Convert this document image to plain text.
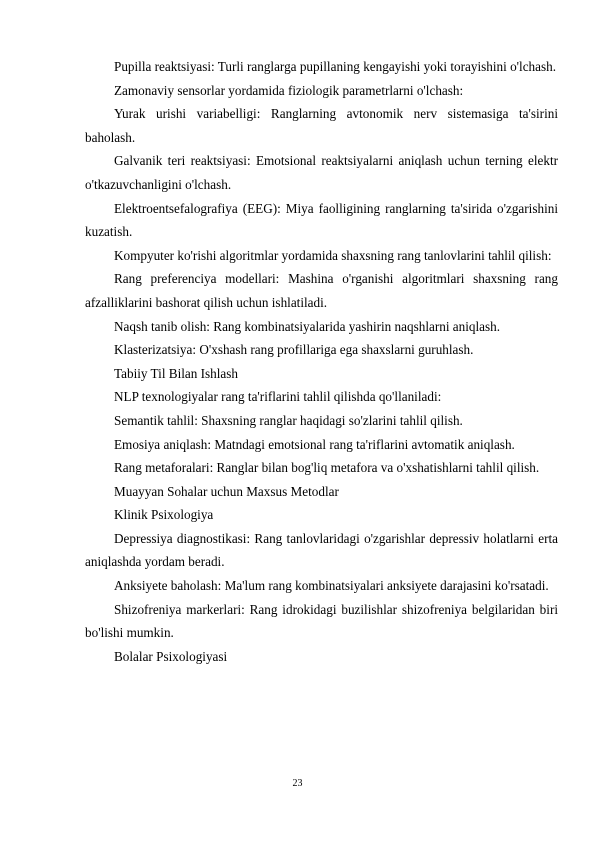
Pupilla reaktsiyasi: Turli ranglarga pupillaning kengayishi yoki torayishini o'lchash.

Zamonaviy sensorlar yordamida fiziologik parametrlarni o'lchash:

Yurak urishi variabelligi: Ranglarning avtonomik nerv sistemasiga ta'sirini baholash.

Galvanik teri reaktsiyasi: Emotsional reaktsiyalarni aniqlash uchun terning elektr o'tkazuvchanligini o'lchash.

Elektroentsefalografiya (EEG): Miya faolligining ranglarning ta'sirida o'zgarishini kuzatish.

Kompyuter ko'rishi algoritmlar yordamida shaxsning rang tanlovlarini tahlil qilish:

Rang preferenciya modellari: Mashina o'rganishi algoritmlari shaxsning rang afzalliklarini bashorat qilish uchun ishlatiladi.

Naqsh tanib olish: Rang kombinatsiyalarida yashirin naqshlarni aniqlash.

Klasterizatsiya: O'xshash rang profillariga ega shaxslarni guruhlash.

Tabiiy Til Bilan Ishlash

NLP texnologiyalar rang ta'riflarini tahlil qilishda qo'llaniladi:

Semantik tahlil: Shaxsning ranglar haqidagi so'zlarini tahlil qilish.

Emosiya aniqlash: Matndagi emotsional rang ta'riflarini avtomatik aniqlash.

Rang metaforalari: Ranglar bilan bog'liq metafora va o'xshatishlarni tahlil qilish.

Muayyan Sohalar uchun Maxsus Metodlar

Klinik Psixologiya

Depressiya diagnostikasi: Rang tanlovlaridagi o'zgarishlar depressiv holatlarni erta aniqlashda yordam beradi.

Anksiyete baholash: Ma'lum rang kombinatsiyalari anksiyete darajasini ko'rsatadi.

Shizofreniya markerlari: Rang idrokidagi buzilishlar shizofreniya belgilaridan biri bo'lishi mumkin.

Bolalar Psixologiyasi

23
